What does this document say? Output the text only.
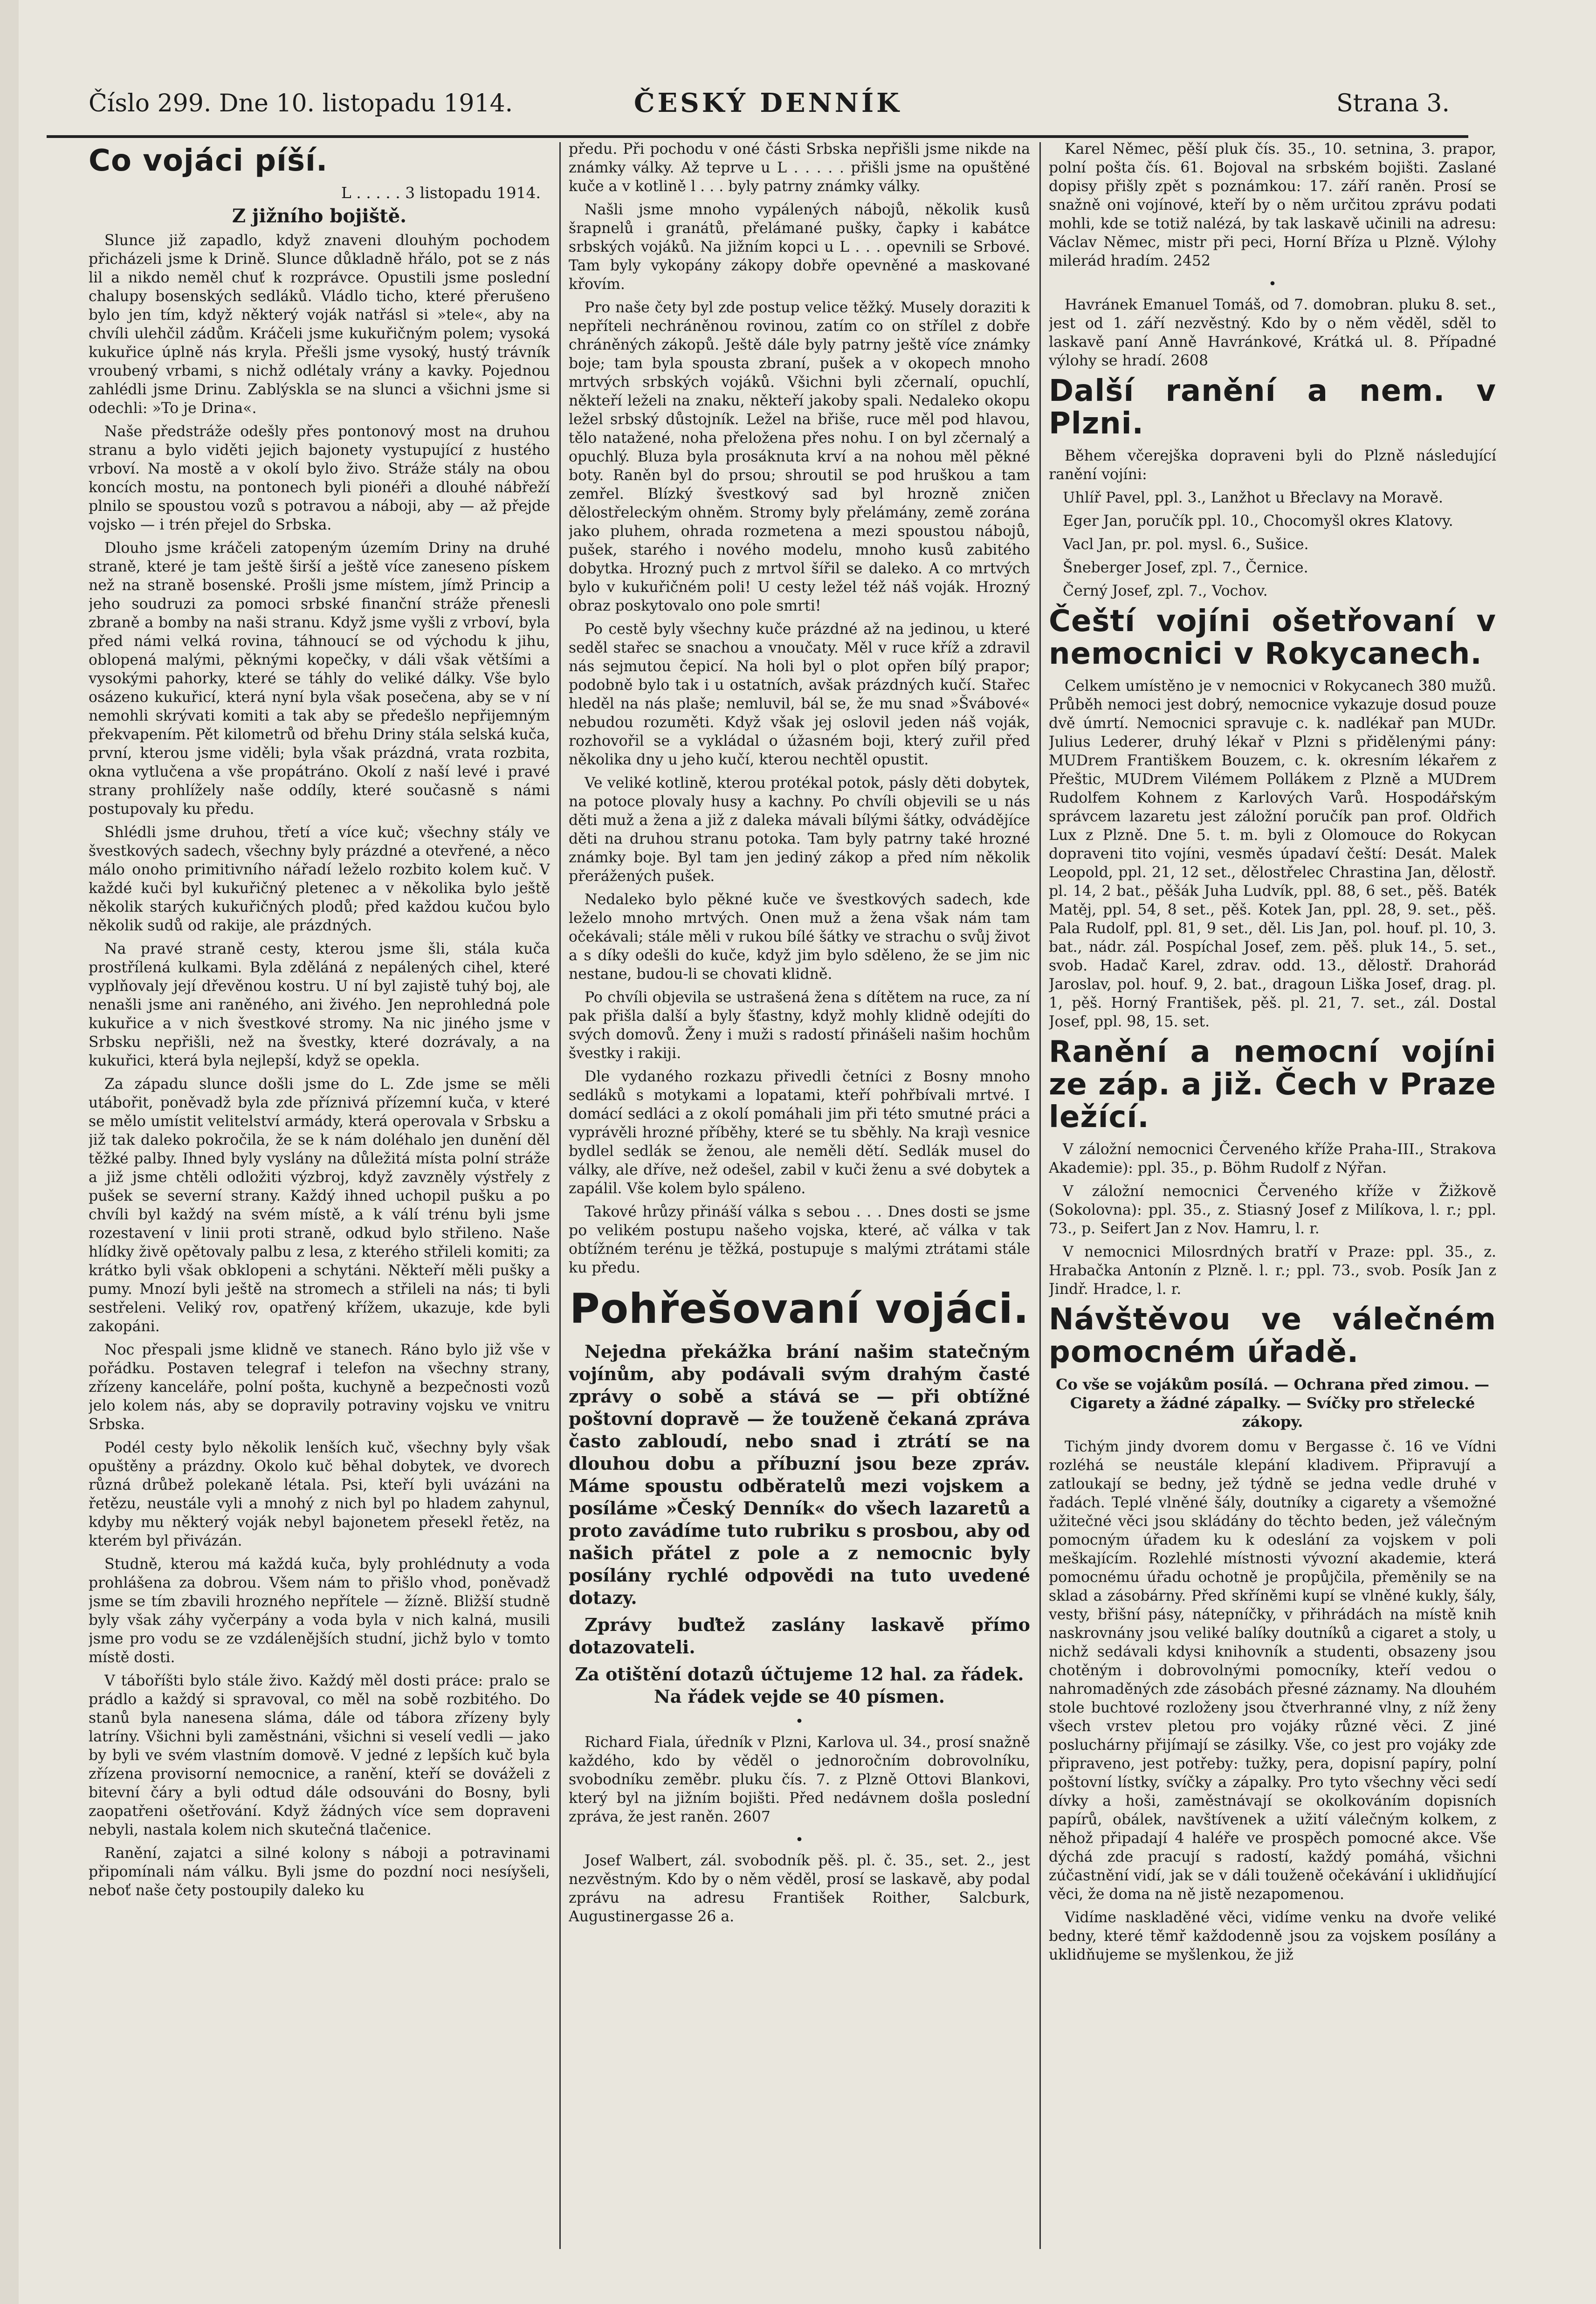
Číslo 299. Dne 10. listopadu 1914.	ČESKÝ DENNÍK	Strana 3.
Co vojáci píší.
L . . . . . 3 listopadu 1914.
Z jižního bojiště.

Slunce již zapadlo, když znaveni dlouhým pochodem přicházeli jsme k Drině. Slunce důkladně hřálo, pot se z nás lil a nikdo neměl chuť k rozprávce. Opustili jsme poslední chalupy bosenských sedláků. Vládlo ticho, které přerušeno bylo jen tím, když některý voják natřásl si »tele«, aby na chvíli ulehčil zádům. Kráčeli jsme kukuřičným polem; vysoká kukuřice úplně nás kryla. Přešli jsme vysoký, hustý trávník vroubený vrbami, s nichž odlétaly vrány a kavky. Pojednou zahlédli jsme Drinu. Zablýskla se na slunci a všichni jsme si odechli: »To je Drina«.

Naše předstráže odešly přes pontonový most na druhou stranu a bylo viděti jejich bajonety vystupující z hustého vrboví. Na mostě a v okolí bylo živo. Stráže stály na obou koncích mostu, na pontonech byli pionéři a dlouhé nábřeží plnilo se spoustou vozů s potravou a náboji, aby — až přejde vojsko — i trén přejel do Srbska.

Dlouho jsme kráčeli zatopeným územím Driny na druhé straně, které je tam ještě širší a ještě více zaneseno pískem než na straně bosenské. Prošli jsme místem, jímž Princip a jeho soudruzi za pomoci srbské finanční stráže přenesli zbraně a bomby na naši stranu. Když jsme vyšli z vrboví, byla před námi velká rovina, táhnoucí se od východu k jihu, oblopená malými, pěknými kopečky, v dáli však většími a vysokými pahorky, které se táhly do veliké dálky. Vše bylo osázeno kukuřicí, která nyní byla však posečena, aby se v ní nemohli skrývati komiti a tak aby se předešlo nepřijemným překvapením. Pět kilometrů od břehu Driny stála selská kuča, první, kterou jsme viděli; byla však prázdná, vrata rozbita, okna vytlučena a vše propátráno. Okolí z naší levé i pravé strany prohlížely naše oddíly, které současně s námi postupovaly ku předu.

Shlédli jsme druhou, třetí a více kuč; všechny stály ve švestkových sadech, všechny byly prázdné a otevřené, a něco málo onoho primitivního nářadí leželo rozbito kolem kuč. V každé kuči byl kukuřičný pletenec a v několika bylo ještě několik starých kukuřičných plodů; před každou kučou bylo několik sudů od rakije, ale prázdných.

Na pravé straně cesty, kterou jsme šli, stála kuča prostřílená kulkami. Byla zděláná z nepálených cihel, které vyplňovaly její dřevěnou kostru. U ní byl zajistě tuhý boj, ale nenašli jsme ani raněného, ani živého. Jen neprohledná pole kukuřice a v nich švestkové stromy. Na nic jiného jsme v Srbsku nepřišli, než na švestky, které dozrávaly, a na kukuřici, která byla nejlepší, když se opekla.

Za západu slunce došli jsme do L. Zde jsme se měli utábořit, poněvadž byla zde příznivá přízemní kuča, v které se mělo umístit velitelství armády, která operovala v Srbsku a již tak daleko pokročila, že se k nám doléhalo jen dunění děl těžké palby. Ihned byly vyslány na důležitá místa polní stráže a již jsme chtěli odložiti výzbroj, když zavzněly výstřely z pušek se severní strany. Každý ihned uchopil pušku a po chvíli byl každý na svém místě, a k válí trénu byli jsme rozestavení v linii proti straně, odkud bylo střileno. Naše hlídky živě opětovaly palbu z lesa, z kterého střileli komiti; za krátko byli však obklopeni a schytáni. Někteří měli pušky a pumy. Mnozí byli ještě na stromech a střileli na nás; ti byli sestřeleni. Veliký rov, opatřený křížem, ukazuje, kde byli zakopáni.

Noc přespali jsme klidně ve stanech. Ráno bylo již vše v pořádku. Postaven telegraf i telefon na všechny strany, zřízeny kanceláře, polní pošta, kuchyně a bezpečnosti vozů jelo kolem nás, aby se dopravily potraviny vojsku ve vnitru Srbska.

Podél cesty bylo několik lenších kuč, všechny byly však opuštěny a prázdny. Okolo kuč běhal dobytek, ve dvorech různá drůbež polekaně létala. Psi, kteří byli uvázáni na řetězu, neustále vyli a mnohý z nich byl po hladem zahynul, kdyby mu některý voják nebyl bajonetem přesekl řetěz, na kterém byl přivázán.

Studně, kterou má každá kuča, byly prohlédnuty a voda prohlášena za dobrou. Všem nám to přišlo vhod, poněvadž jsme se tím zbavili hrozného nepřítele — žízně. Bližší studně byly však záhy vyčerpány a voda byla v nich kalná, musili jsme pro vodu se ze vzdálenějších studní, jichž bylo v tomto místě dosti.

V táboříšti bylo stále živo. Každý měl dosti práce: pralo se prádlo a každý si spravoval, co měl na sobě rozbitého. Do stanů byla nanesena sláma, dále od tábora zřízeny byly latríny. Všichni byli zaměstnáni, všichni si veselí vedli — jako by byli ve svém vlastním domově. V jedné z lepších kuč byla zřízena provisorní nemocnice, a ranění, kteří se dováželi z bitevní čáry a byli odtud dále odsouváni do Bosny, byli zaopatřeni ošetřování. Když žádných více sem dopraveni nebyli, nastala kolem nich skutečná tlačenice.

Ranění, zajatci a silné kolony s náboji a potravinami připomínali nám válku. Byli jsme do pozdní noci nesíyšeli, neboť naše čety postoupily daleko ku

předu. Při pochodu v oné části Srbska nepřišli jsme nikde na známky války. Až teprve u L . . . . . přišli jsme na opuštěné kuče a v kotlině l . . . byly patrny známky války.

Našli jsme mnoho vypálených nábojů, několik kusů šrapnelů i granátů, přelámané pušky, čapky i kabátce srbských vojáků. Na jižním kopci u L . . . opevnili se Srbové. Tam byly vykopány zákopy dobře opevněné a maskované křovím.

Pro naše čety byl zde postup velice těžký. Musely doraziti k nepříteli nechráněnou rovinou, zatím co on střílel z dobře chráněných zákopů. Ještě dále byly patrny ještě více známky boje; tam byla spousta zbraní, pušek a v okopech mnoho mrtvých srbských vojáků. Všichni byli zčernalí, opuchlí, někteří leželi na znaku, někteří jakoby spali. Nedaleko okopu ležel srbský důstojník. Ležel na břiše, ruce měl pod hlavou, tělo natažené, noha přeložena přes nohu. I on byl zčernalý a opuchlý. Bluza byla prosáknuta krví a na nohou měl pěkné boty. Raněn byl do prsou; shroutil se pod hruškou a tam zemřel. Blízký švestkový sad byl hrozně zničen dělostřeleckým ohněm. Stromy byly přelámány, země zorána jako pluhem, ohrada rozmetena a mezi spoustou nábojů, pušek, starého i nového modelu, mnoho kusů zabitého dobytka. Hrozný puch z mrtvol šířil se daleko. A co mrtvých bylo v kukuřičném poli! U cesty ležel též náš voják. Hrozný obraz poskytovalo ono pole smrti!

Po cestě byly všechny kuče prázdné až na jedinou, u které seděl stařec se snachou a vnoučaty. Měl v ruce kříž a zdravil nás sejmutou čepicí. Na holi byl o plot opřen bílý prapor; podobně bylo tak i u ostatních, avšak prázdných kučí. Stařec hleděl na nás plaše; nemluvil, bál se, že mu snad »Švábové« nebudou rozuměti. Když však jej oslovil jeden náš voják, rozhovořil se a vykládal o úžasném boji, který zuřil před několika dny u jeho kučí, kterou nechtěl opustit.

Ve veliké kotlině, kterou protékal potok, pásly děti dobytek, na potoce plovaly husy a kachny. Po chvíli objevili se u nás děti muž a žena a již z daleka mávali bílými šátky, odvádějíce děti na druhou stranu potoka. Tam byly patrny také hrozné známky boje. Byl tam jen jediný zákop a před ním několik přerážených pušek.

Nedaleko bylo pěkné kuče ve švestkových sadech, kde leželo mnoho mrtvých. Onen muž a žena však nám tam očekávali; stále měli v rukou bílé šátky ve strachu o svůj život a s díky odešli do kuče, když jim bylo sděleno, že se jim nic nestane, budou-li se chovati klidně.

Po chvíli objevila se ustrašená žena s dítětem na ruce, za ní pak přišla další a byly šťastny, když mohly klidně odejíti do svých domovů. Ženy i muži s radostí přinášeli našim hochům švestky i rakiji.

Dle vydaného rozkazu přivedli četníci z Bosny mnoho sedláků s motykami a lopatami, kteří pohřbívali mrtvé. I domácí sedláci a z okolí pomáhali jim při této smutné práci a vyprávěli hrozné příběhy, které se tu sběhly. Na krajì vesnice bydlel sedlák se ženou, ale neměli dětí. Sedlák musel do války, ale dříve, než odešel, zabil v kuči ženu a své dobytek a zapálil. Vše kolem bylo spáleno.

Takové hrůzy přináší válka s sebou . . . Dnes dosti se jsme po velikém postupu našeho vojska, které, ač válka v tak obtížném terénu je těžká, postupuje s malými ztrátami stále ku předu.

Pohřešovaní vojáci.

Nejedna překážka brání našim statečným vojínům, aby podávali svým drahým časté zprávy o sobě a stává se — při obtížné poštovní dopravě — že touženě čekaná zpráva často zabloudí, nebo snad i ztrátí se na dlouhou dobu a příbuzní jsou beze zpráv. Máme spoustu odběratelů mezi vojskem a posíláme »Český Denník« do všech lazaretů a proto zavádíme tuto rubriku s prosbou, aby od našich přátel z pole a z nemocnic byly posílány rychlé odpovědi na tuto uvedené dotazy.

Zprávy buďtež zaslány laskavě přímo dotazovateli.

Za otištění dotazů účtujeme 12 hal. za řádek. Na řádek vejde se 40 písmen.

•

Richard Fiala, úředník v Plzni, Karlova ul. 34., prosí snažně každého, kdo by věděl o jednoročním dobrovolníku, svobodníku zeměbr. pluku čís. 7. z Plzně Ottovi Blankovi, který byl na jižním bojišti. Před nedávnem došla poslední zpráva, že jest raněn. 2607

•

Josef Walbert, zál. svobodník pěš. pl. č. 35., set. 2., jest nezvěstným. Kdo by o něm věděl, prosí se laskavě, aby podal zprávu na adresu František Roither, Salcburk, Augustinergasse 26 a.

Karel Němec, pěší pluk čís. 35., 10. setnina, 3. prapor, polní pošta čís. 61. Bojoval na srbském bojišti. Zaslané dopisy přišly zpět s poznámkou: 17. září raněn. Prosí se snažně oni vojínové, kteří by o něm určitou zprávu podati mohli, kde se totiž nalézá, by tak laskavě učinili na adresu: Václav Němec, mistr při peci, Horní Bříza u Plzně. Výlohy milerád hradím. 2452

•

Havránek Emanuel Tomáš, od 7. domobran. pluku 8. set., jest od 1. září nezvěstný. Kdo by o něm věděl, sděl to laskavě paní Anně Havránkové, Krátká ul. 8. Případné výlohy se hradí. 2608

Další ranění a nem. v Plzni.

Během včerejška dopraveni byli do Plzně následující ranění vojíni:

Uhlíř Pavel, ppl. 3., Lanžhot u Břeclavy na Moravě.

Eger Jan, poručík ppl. 10., Chocomyšl okres Klatovy.

Vacl Jan, pr. pol. mysl. 6., Sušice.

Šneberger Josef, zpl. 7., Černice.

Černý Josef, zpl. 7., Vochov.

Čeští vojíni ošetřovaní v nemocnici v Rokycanech.

Celkem umístěno je v nemocnici v Rokycanech 380 mužů. Průběh nemoci jest dobrý, nemocnice vykazuje dosud pouze dvě úmrtí. Nemocnici spravuje c. k. nadlékař pan MUDr. Julius Lederer, druhý lékař v Plzni s přidělenými pány: MUDrem Františkem Bouzem, c. k. okresním lékařem z Přeštic, MUDrem Vilémem Pollákem z Plzně a MUDrem Rudolfem Kohnem z Karlových Varů. Hospodářským správcem lazaretu jest záložní poručík pan prof. Oldřich Lux z Plzně. Dne 5. t. m. byli z Olomouce do Rokycan dopraveni tito vojíni, vesměs úpadaví čeští: Desát. Malek Leopold, ppl. 21, 12 set., dělostřelec Chrastina Jan, dělostř. pl. 14, 2 bat., pěšák Juha Ludvík, ppl. 88, 6 set., pěš. Baték Matěj, ppl. 54, 8 set., pěš. Kotek Jan, ppl. 28, 9. set., pěš. Pala Rudolf, ppl. 81, 9 set., děl. Lis Jan, pol. houf. pl. 10, 3. bat., nádr. zál. Pospíchal Josef, zem. pěš. pluk 14., 5. set., svob. Hadač Karel, zdrav. odd. 13., dělostř. Drahorád Jaroslav, pol. houf. 9, 2. bat., dragoun Liška Josef, drag. pl. 1, pěš. Horný František, pěš. pl. 21, 7. set., zál. Dostal Josef, ppl. 98, 15. set.

Ranění a nemocní vojíni ze záp. a již. Čech v Praze ležící.

V záložní nemocnici Červeného kříže Praha-III., Strakova Akademie): ppl. 35., p. Böhm Rudolf z Nýřan.

V záložní nemocnici Červeného kříže v Žižkově (Sokolovna): ppl. 35., z. Stiasný Josef z Milíkova, l. r.; ppl. 73., p. Seifert Jan z Nov. Hamru, l. r.

V nemocnici Milosrdných bratří v Praze: ppl. 35., z. Hrabačka Antonín z Plzně. l. r.; ppl. 73., svob. Posík Jan z Jindř. Hradce, l. r.

Návštěvou ve válečném pomocném úřadě.
Co vše se vojákům posílá. — Ochrana před zimou. — Cigarety a žádné zápalky. — Svíčky pro střelecké zákopy.

Tichým jindy dvorem domu v Bergasse č. 16 ve Vídni rozléhá se neustále klepání kladivem. Připravují a zatloukají se bedny, jež týdně se jedna vedle druhé v řadách. Teplé vlněné šály, doutníky a cigarety a všemožné užitečné věci jsou skládány do těchto beden, jež válečným pomocným úřadem ku k odeslání za vojskem v poli meškajícím. Rozlehlé místnosti vývozní akademie, která pomocnému úřadu ochotně je propůjčila, přeměnily se na sklad a zásobárny. Před skříněmi kupí se vlněné kukly, šály, vesty, břišní pásy, nátepníčky, v přihrádách na místě knih naskrovnány jsou veliké balíky doutníků a cigaret a stoly, u nichž sedávali kdysi knihovník a studenti, obsazeny jsou chotěným i dobrovolnými pomocníky, kteří vedou o nahromaděných zde zásobách přesné záznamy. Na dlouhém stole buchtové rozloženy jsou čtverhranné vlny, z níž ženy všech vrstev pletou pro vojáky různé věci. Z jiné posluchárny přijímají se zásilky. Vše, co jest pro vojáky zde připraveno, jest potřeby: tužky, pera, dopisní papíry, polní poštovní lístky, svíčky a zápalky. Pro tyto všechny věci sedí dívky a hoši, zaměstnávají se okolkováním dopisních papírů, obálek, navštívenek a užití válečným kolkem, z něhož připadají 4 haléře ve prospěch pomocné akce. Vše dýchá zde pracují s radostí, každý pomáhá, všichni zúčastnění vidí, jak se v dáli touženě očekávání i uklidňující věci, že doma na ně jistě nezapomenou.

Vidíme naskladěné věci, vidíme venku na dvoře veliké bedny, které těmř každodenně jsou za vojskem posílány a uklidňujeme se myšlenkou, že již
